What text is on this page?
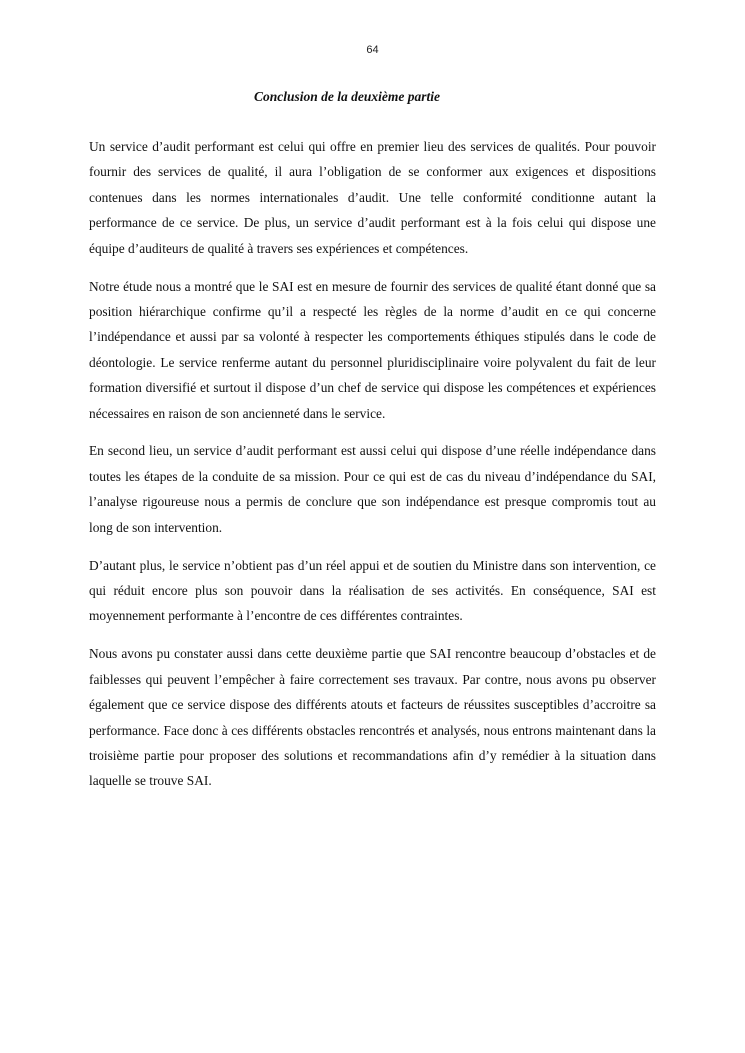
64
Conclusion de la deuxième partie

Un service d’audit performant est celui qui offre en premier lieu des services de qualités. Pour pouvoir fournir des services de qualité, il aura l’obligation de se conformer aux exigences et dispositions contenues dans les normes internationales d’audit. Une telle conformité conditionne autant la performance de ce service. De plus, un service d’audit performant est à la fois celui qui dispose une équipe d’auditeurs de qualité à travers ses expériences et compétences.

Notre étude nous a montré que le SAI est en mesure de fournir des services de qualité étant donné que sa position hiérarchique confirme qu’il a respecté les règles de la norme d’audit en ce qui concerne l’indépendance et aussi par sa volonté à respecter les comportements éthiques stipulés dans le code de déontologie. Le service renferme autant du personnel pluridisciplinaire voire polyvalent du fait de leur formation diversifié et surtout il dispose d’un chef de service qui dispose les compétences et expériences nécessaires en raison de son ancienneté dans le service.

En second lieu, un service d’audit performant est aussi celui qui dispose d’une réelle indépendance dans toutes les étapes de la conduite de sa mission. Pour ce qui est de cas du niveau d’indépendance du SAI, l’analyse rigoureuse nous a permis de conclure que son indépendance est presque compromis tout au long de son intervention.

D’autant plus, le service n’obtient pas d’un réel appui et de soutien du Ministre dans son intervention, ce qui réduit encore plus son pouvoir dans la réalisation de ses activités. En conséquence, SAI est moyennement performante à l’encontre de ces différentes contraintes.

Nous avons pu constater aussi dans cette deuxième partie que SAI rencontre beaucoup d’obstacles et de faiblesses qui peuvent l’empêcher à faire correctement ses travaux. Par contre, nous avons pu observer également que ce service dispose des différents atouts et facteurs de réussites susceptibles d’accroitre sa performance. Face donc à ces différents obstacles rencontrés et analysés, nous entrons maintenant dans la troisième partie pour proposer des solutions et recommandations afin d’y remédier à la situation dans laquelle se trouve SAI.
